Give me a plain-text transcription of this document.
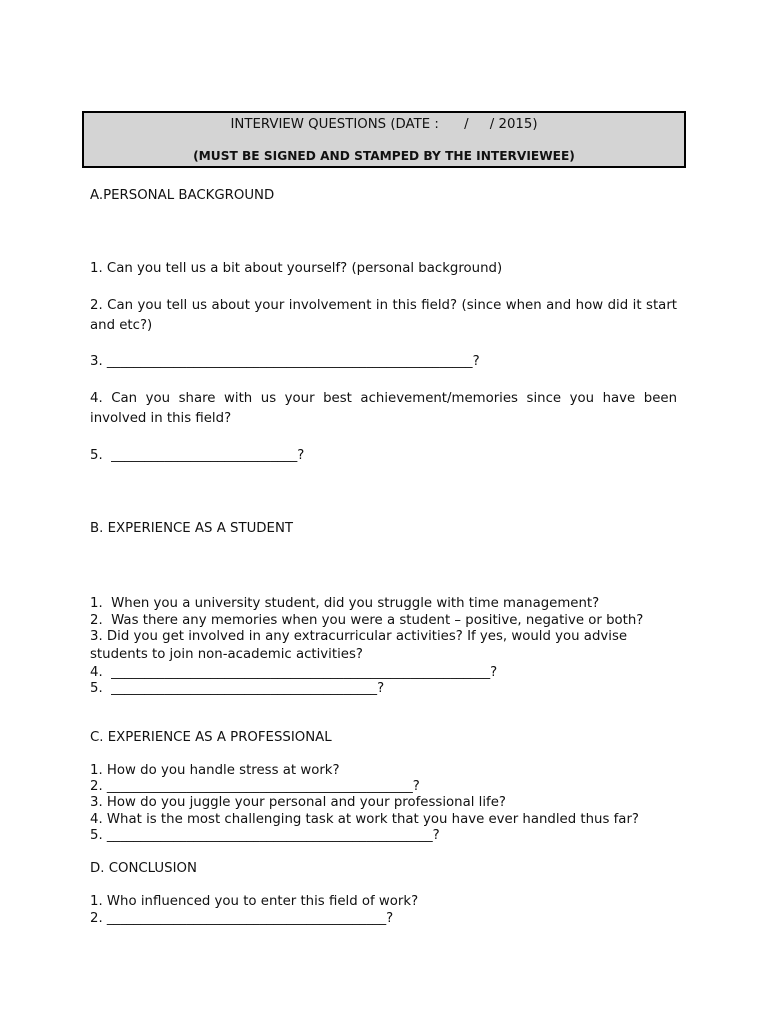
INTERVIEW QUESTIONS (DATE :      /     / 2015)
(MUST BE SIGNED AND STAMPED BY THE INTERVIEWEE)
A.PERSONAL BACKGROUND
1. Can you tell us a bit about yourself? (personal background)
2. Can you tell us about your involvement in this field? (since when and how did it start and etc?)
3. _______________________________________________________?
4. Can you share with us your best achievement/memories since you have been involved in this field?
5.  ____________________________?
B. EXPERIENCE AS A STUDENT
1.  When you a university student, did you struggle with time management?
2.  Was there any memories when you were a student – positive, negative or both?
3. Did you get involved in any extracurricular activities? If yes, would you advise students to join non-academic activities?
4.  _________________________________________________________?
5.  ________________________________________?
C. EXPERIENCE AS A PROFESSIONAL
1. How do you handle stress at work?
2. ______________________________________________?
3. How do you juggle your personal and your professional life?
4. What is the most challenging task at work that you have ever handled thus far?
5. _________________________________________________?
D. CONCLUSION
1. Who influenced you to enter this field of work?
2. __________________________________________?
